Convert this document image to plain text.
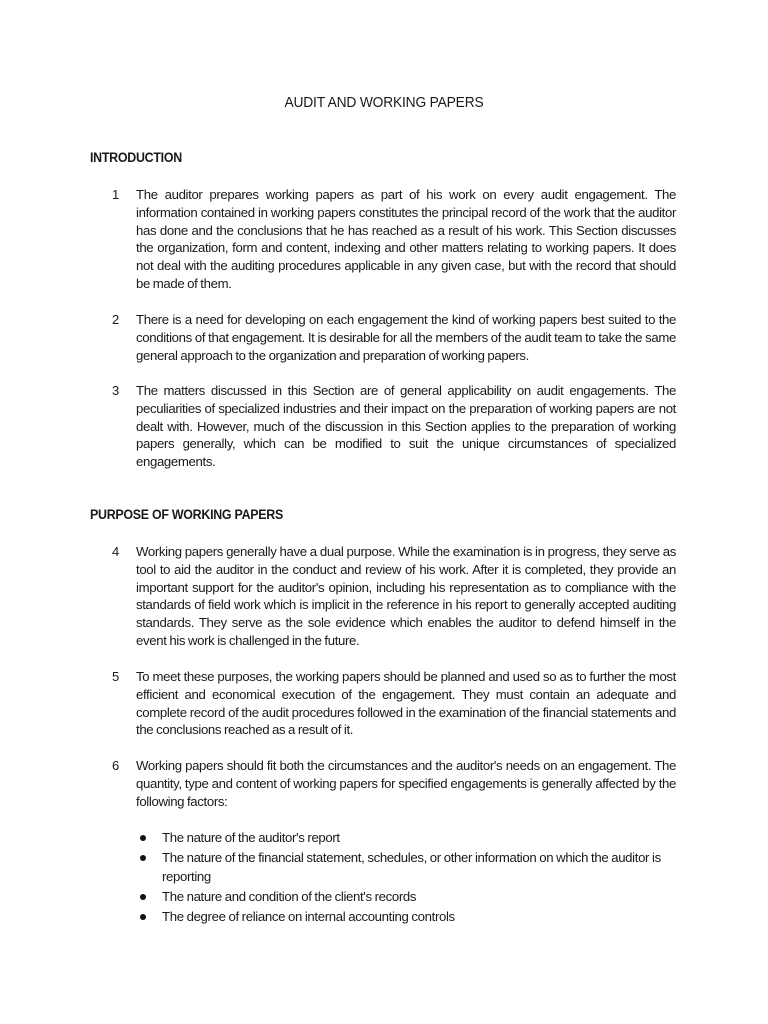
AUDIT AND WORKING PAPERS
INTRODUCTION
1 The auditor prepares working papers as part of his work on every audit engagement. The information contained in working papers constitutes the principal record of the work that the auditor has done and the conclusions that he has reached as a result of his work. This Section discusses the organization, form and content, indexing and other matters relating to working papers. It does not deal with the auditing procedures applicable in any given case, but with the record that should be made of them.

2 There is a need for developing on each engagement the kind of working papers best suited to the conditions of that engagement. It is desirable for all the members of the audit team to take the same general approach to the organization and preparation of working papers.

3 The matters discussed in this Section are of general applicability on audit engagements. The peculiarities of specialized industries and their impact on the preparation of working papers are not dealt with. However, much of the discussion in this Section applies to the preparation of working papers generally, which can be modified to suit the unique circumstances of specialized engagements.

PURPOSE OF WORKING PAPERS
4 Working papers generally have a dual purpose. While the examination is in progress, they serve as tool to aid the auditor in the conduct and review of his work. After it is completed, they provide an important support for the auditor's opinion, including his representation as to compliance with the standards of field work which is implicit in the reference in his report to generally accepted auditing standards. They serve as the sole evidence which enables the auditor to defend himself in the event his work is challenged in the future.

5 To meet these purposes, the working papers should be planned and used so as to further the most efficient and economical execution of the engagement. They must contain an adequate and complete record of the audit procedures followed in the examination of the financial statements and the conclusions reached as a result of it.

6 Working papers should fit both the circumstances and the auditor's needs on an engagement. The quantity, type and content of working papers for specified engagements is generally affected by the following factors:

The nature of the auditor's report
The nature of the financial statement, schedules, or other information on which the auditor is reporting
The nature and condition of the client's records
The degree of reliance on internal accounting controls
